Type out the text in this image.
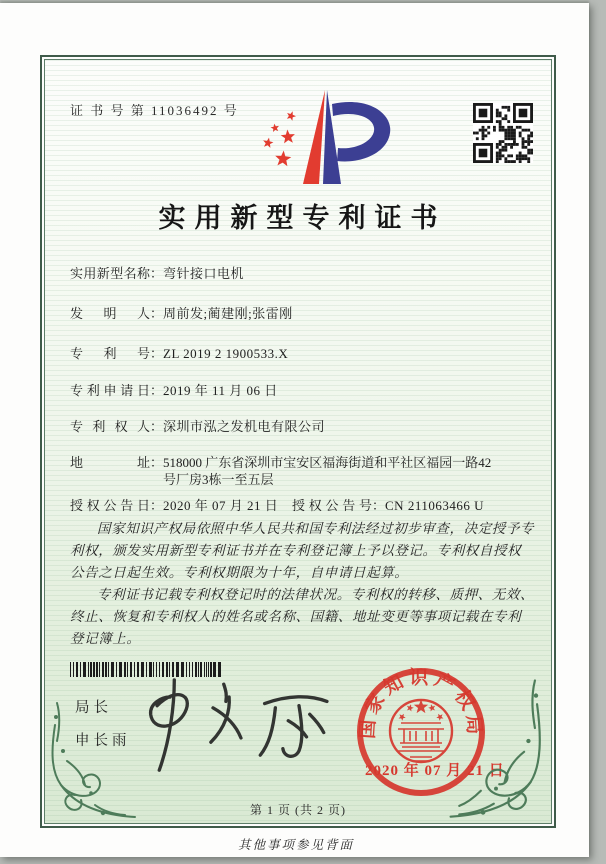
证 书 号 第 11036492 号
实用新型专利证书
实用新型名称 ： 弯针接口电机
发明人 ： 周前发;蔺建刚;张雷刚
专利号 ： ZL 2019 2 1900533.X
专利申请日 ： 2019 年 11 月 06 日
专利权人 ： 深圳市泓之发机电有限公司
地址 ： 518000 广东省深圳市宝安区福海街道和平社区福园一路42号厂房3栋一至五层
授权公告日 ： 2020 年 07 月 21 日 授权公告号 ： CN 211063466 U

国家知识产权局依照中华人民共和国专利法经过初步审查，决定授予专利权，颁发实用新型专利证书并在专利登记簿上予以登记。专利权自授权公告之日起生效。专利权期限为十年，自申请日起算。

专利证书记载专利权登记时的法律状况。专利权的转移、质押、无效、终止、恢复和专利权人的姓名或名称、国籍、地址变更等事项记载在专利登记簿上。

局长
申长雨
国家知识产权局
2020 年 07 月 21 日
第 1 页 (共 2 页)
其他事项参见背面
